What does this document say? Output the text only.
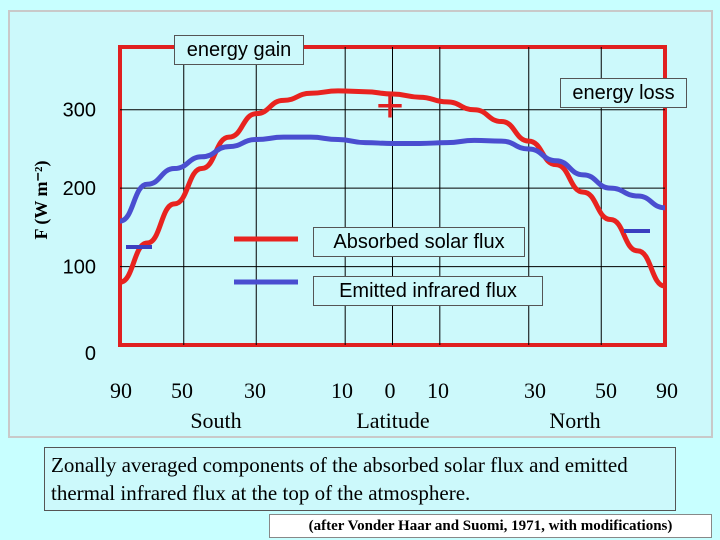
300
200
100
0
90 50 30	10 0 10	30 50 90
F (W m⁻²)
Latitude
South	North
+
energy gain
energy loss
Absorbed solar flux
Emitted infrared flux
Zonally averaged components of the absorbed solar flux and emitted thermal infrared flux at the top of the atmosphere.
(after Vonder Haar and Suomi, 1971, with modifications)
